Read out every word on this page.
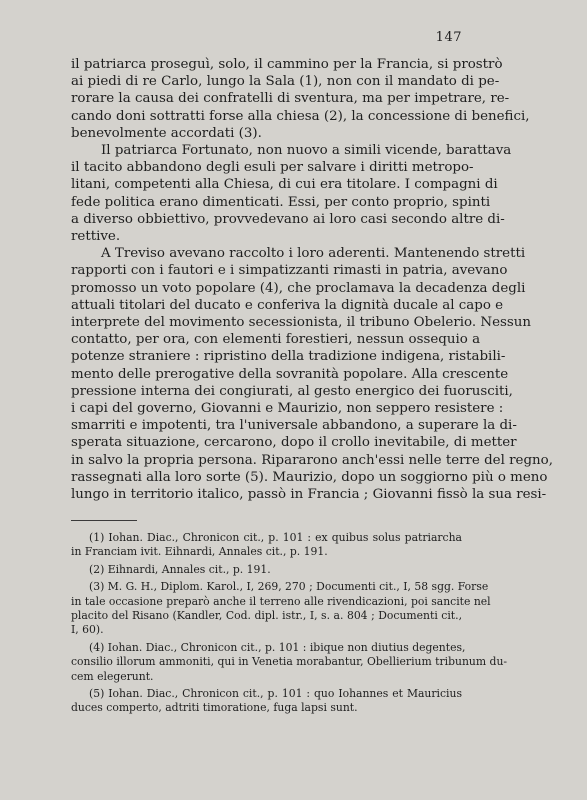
147
il patriarca proseguì, solo, il cammino per la Francia, si prostrò
ai piedi di re Carlo, lungo la Sala (1), non con il mandato di pe-
rorare la causa dei confratelli di sventura, ma per impetrare, re-
cando doni sottratti forse alla chiesa (2), la concessione di benefici,
benevolmente accordati (3).
Il patriarca Fortunato, non nuovo a simili vicende, barattava
il tacito abbandono degli esuli per salvare i diritti metropo-
litani, competenti alla Chiesa, di cui era titolare. I compagni di
fede politica erano dimenticati. Essi, per conto proprio, spinti
a diverso obbiettivo, provvedevano ai loro casi secondo altre di-
rettive.
A Treviso avevano raccolto i loro aderenti. Mantenendo stretti
rapporti con i fautori e i simpatizzanti rimasti in patria, avevano
promosso un voto popolare (4), che proclamava la decadenza degli
attuali titolari del ducato e conferiva la dignità ducale al capo e
interprete del movimento secessionista, il tribuno Obelerio. Nessun
contatto, per ora, con elementi forestieri, nessun ossequio a
potenze straniere : ripristino della tradizione indigena, ristabili-
mento delle prerogative della sovranità popolare. Alla crescente
pressione interna dei congiurati, al gesto energico dei fuorusciti,
i capi del governo, Giovanni e Maurizio, non seppero resistere :
smarriti e impotenti, tra l'universale abbandono, a superare la di-
sperata situazione, cercarono, dopo il crollo inevitabile, di metter
in salvo la propria persona. Ripararono anch'essi nelle terre del regno,
rassegnati alla loro sorte (5). Maurizio, dopo un soggiorno più o meno
lungo in territorio italico, passò in Francia ; Giovanni fissò la sua resi-
(1) Iohan. Diac., Chronicon cit., p. 101 : ex quibus solus patriarcha
in Franciam ivit. Eihnardi, Annales cit., p. 191.
(2) Eihnardi, Annales cit., p. 191.
(3) M. G. H., Diplom. Karol., I, 269, 270 ; Documenti cit., I, 58 sgg. Forse
in tale occasione preparò anche il terreno alle rivendicazioni, poi sancite nel
placito del Risano (Kandler, Cod. dipl. istr., I, s. a. 804 ; Documenti cit.,
I, 60).
(4) Iohan. Diac., Chronicon cit., p. 101 : ibique non diutius degentes,
consilio illorum ammoniti, qui in Venetia morabantur, Obellierium tribunum du-
cem elegerunt.
(5) Iohan. Diac., Chronicon cit., p. 101 : quo Iohannes et Mauricius
duces comperto, adtriti timoratione, fuga lapsi sunt.
